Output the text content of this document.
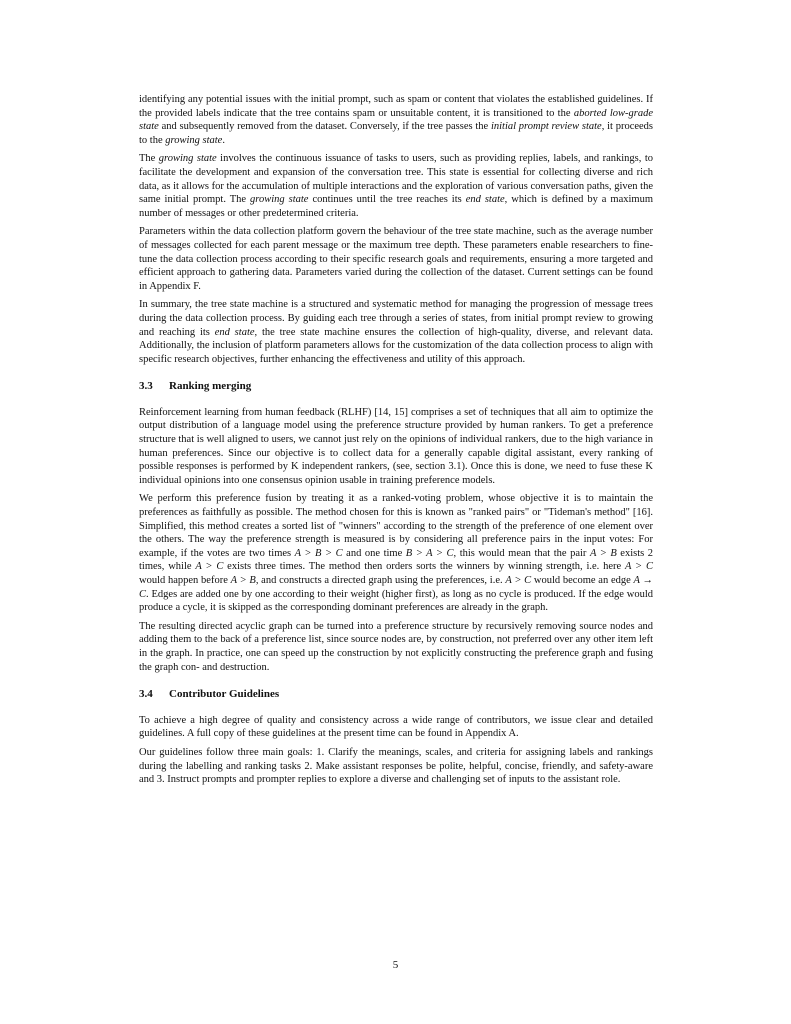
identifying any potential issues with the initial prompt, such as spam or content that violates the established guidelines. If the provided labels indicate that the tree contains spam or unsuitable content, it is transitioned to the aborted low-grade state and subsequently removed from the dataset. Conversely, if the tree passes the initial prompt review state, it proceeds to the growing state.

The growing state involves the continuous issuance of tasks to users, such as providing replies, labels, and rankings, to facilitate the development and expansion of the conversation tree. This state is essential for collecting diverse and rich data, as it allows for the accumulation of multiple interactions and the exploration of various conversation paths, given the same initial prompt. The growing state continues until the tree reaches its end state, which is defined by a maximum number of messages or other predetermined criteria.

Parameters within the data collection platform govern the behaviour of the tree state machine, such as the average number of messages collected for each parent message or the maximum tree depth. These parameters enable researchers to fine-tune the data collection process according to their specific research goals and requirements, ensuring a more targeted and efficient approach to gathering data. Parameters varied during the collection of the dataset. Current settings can be found in Appendix F.

In summary, the tree state machine is a structured and systematic method for managing the progression of message trees during the data collection process. By guiding each tree through a series of states, from initial prompt review to growing and reaching its end state, the tree state machine ensures the collection of high-quality, diverse, and relevant data. Additionally, the inclusion of platform parameters allows for the customization of the data collection process to align with specific research objectives, further enhancing the effectiveness and utility of this approach.

3.3 Ranking merging

Reinforcement learning from human feedback (RLHF) [14, 15] comprises a set of techniques that all aim to optimize the output distribution of a language model using the preference structure provided by human rankers. To get a preference structure that is well aligned to users, we cannot just rely on the opinions of individual rankers, due to the high variance in human preferences. Since our objective is to collect data for a generally capable digital assistant, every ranking of possible responses is performed by K independent rankers, (see, section 3.1). Once this is done, we need to fuse these K individual opinions into one consensus opinion usable in training preference models.

We perform this preference fusion by treating it as a ranked-voting problem, whose objective it is to maintain the preferences as faithfully as possible. The method chosen for this is known as "ranked pairs" or "Tideman's method" [16]. Simplified, this method creates a sorted list of "winners" according to the strength of the preference of one element over the others. The way the preference strength is measured is by considering all preference pairs in the input votes: For example, if the votes are two times A > B > C and one time B > A > C, this would mean that the pair A > B exists 2 times, while A > C exists three times. The method then orders sorts the winners by winning strength, i.e. here A > C would happen before A > B, and constructs a directed graph using the preferences, i.e. A > C would become an edge A → C. Edges are added one by one according to their weight (higher first), as long as no cycle is produced. If the edge would produce a cycle, it is skipped as the corresponding dominant preferences are already in the graph.

The resulting directed acyclic graph can be turned into a preference structure by recursively removing source nodes and adding them to the back of a preference list, since source nodes are, by construction, not preferred over any other item left in the graph. In practice, one can speed up the construction by not explicitly constructing the preference graph and fusing the graph con- and destruction.

3.4 Contributor Guidelines

To achieve a high degree of quality and consistency across a wide range of contributors, we issue clear and detailed guidelines. A full copy of these guidelines at the present time can be found in Appendix A.

Our guidelines follow three main goals: 1. Clarify the meanings, scales, and criteria for assigning labels and rankings during the labelling and ranking tasks 2. Make assistant responses be polite, helpful, concise, friendly, and safety-aware and 3. Instruct prompts and prompter replies to explore a diverse and challenging set of inputs to the assistant role.

5
